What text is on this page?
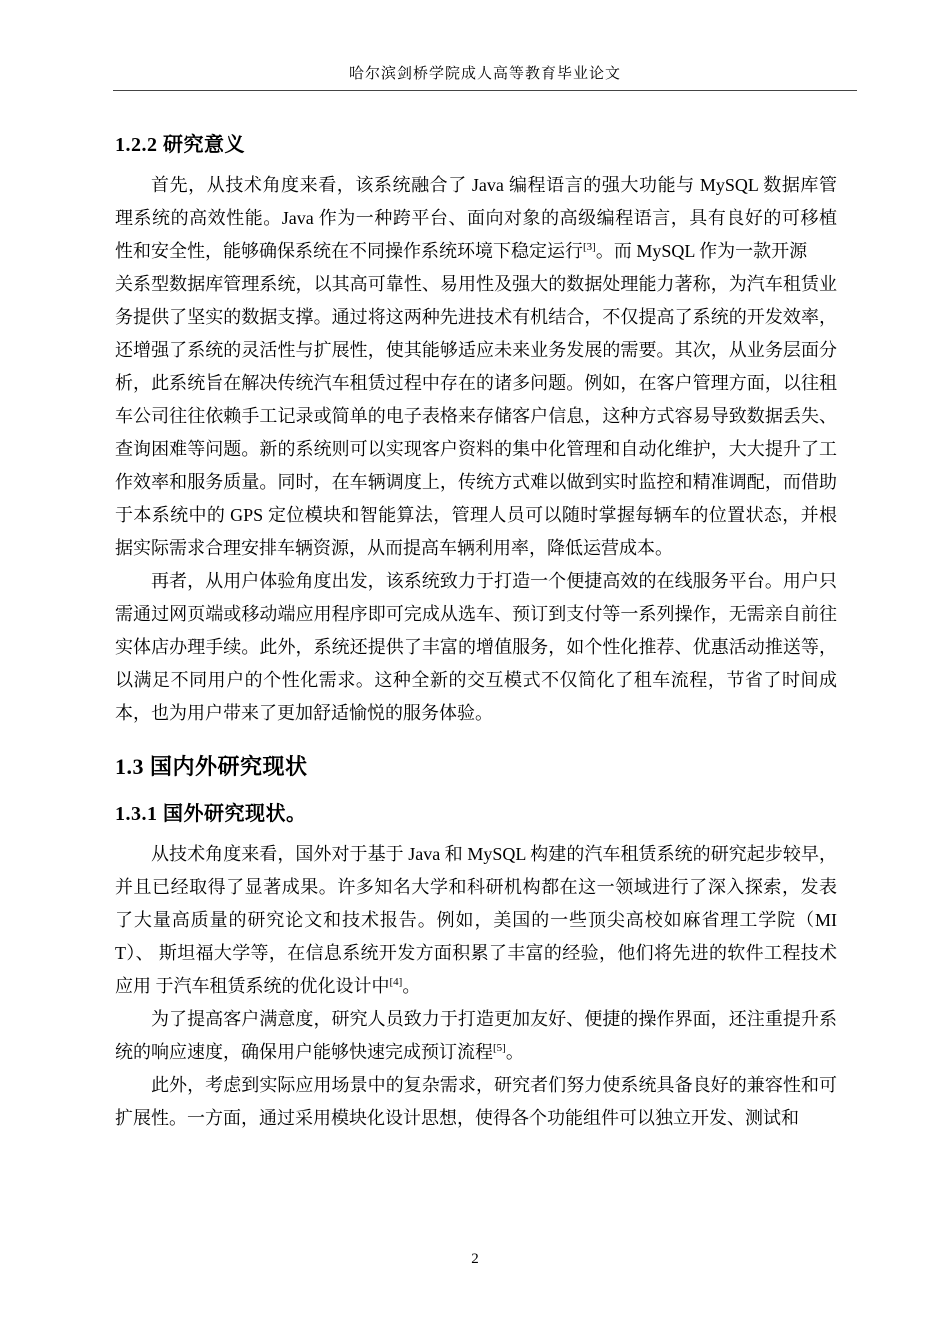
哈尔滨剑桥学院成人高等教育毕业论文
1.2.2 研究意义

首先，从技术角度来看，该系统融合了 Java 编程语言的强大功能与 MySQL 数据库管 理系统的高效性能。Java 作为一种跨平台、面向对象的高级编程语言，具有良好的可移植 性和安全性，能够确保系统在不同操作系统环境下稳定运行[3]。而 MySQL 作为一款开源

关系型数据库管理系统，以其高可靠性、易用性及强大的数据处理能力著称，为汽车租赁业务提供了坚实的数据支撑。通过将这两种先进技术有机结合，不仅提高了系统的开发效率，还增强了系统的灵活性与扩展性，使其能够适应未来业务发展的需要。其次，从业务层面分析，此系统旨在解决传统汽车租赁过程中存在的诸多问题。例如，在客户管理方面，以往租车公司往往依赖手工记录或简单的电子表格来存储客户信息，这种方式容易导致数据丢失、查询困难等问题。新的系统则可以实现客户资料的集中化管理和自动化维护，大大提升了工作效率和服务质量。同时，在车辆调度上，传统方式难以做到实时监控和精准调配，而借助于本系统中的 GPS 定位模块和智能算法，管理人员可以随时掌握每辆车的位置状态，并根据实际需求合理安排车辆资源，从而提高车辆利用率，降低运营成本。

再者，从用户体验角度出发，该系统致力于打造一个便捷高效的在线服务平台。用户只需通过网页端或移动端应用程序即可完成从选车、预订到支付等一系列操作，无需亲自前往实体店办理手续。此外，系统还提供了丰富的增值服务，如个性化推荐、优惠活动推送等，以满足不同用户的个性化需求。这种全新的交互模式不仅简化了租车流程，节省了时间成本，也为用户带来了更加舒适愉悦的服务体验。

1.3 国内外研究现状
1.3.1 国外研究现状。

从技术角度来看，国外对于基于 Java 和 MySQL 构建的汽车租赁系统的研究起步较早， 并且已经取得了显著成果。许多知名大学和科研机构都在这一领域进行了深入探索，发表 了大量高质量的研究论文和技术报告。例如，美国的一些顶尖高校如麻省理工学院（MIT）、 斯坦福大学等，在信息系统开发方面积累了丰富的经验，他们将先进的软件工程技术应用 于汽车租赁系统的优化设计中[4]。

为了提高客户满意度，研究人员致力于打造更加友好、便捷的操作界面，还注重提升系统的响应速度，确保用户能够快速完成预订流程[5]。

此外，考虑到实际应用场景中的复杂需求，研究者们努力使系统具备良好的兼容性和可扩展性。一方面，通过采用模块化设计思想，使得各个功能组件可以独立开发、测试和

2
